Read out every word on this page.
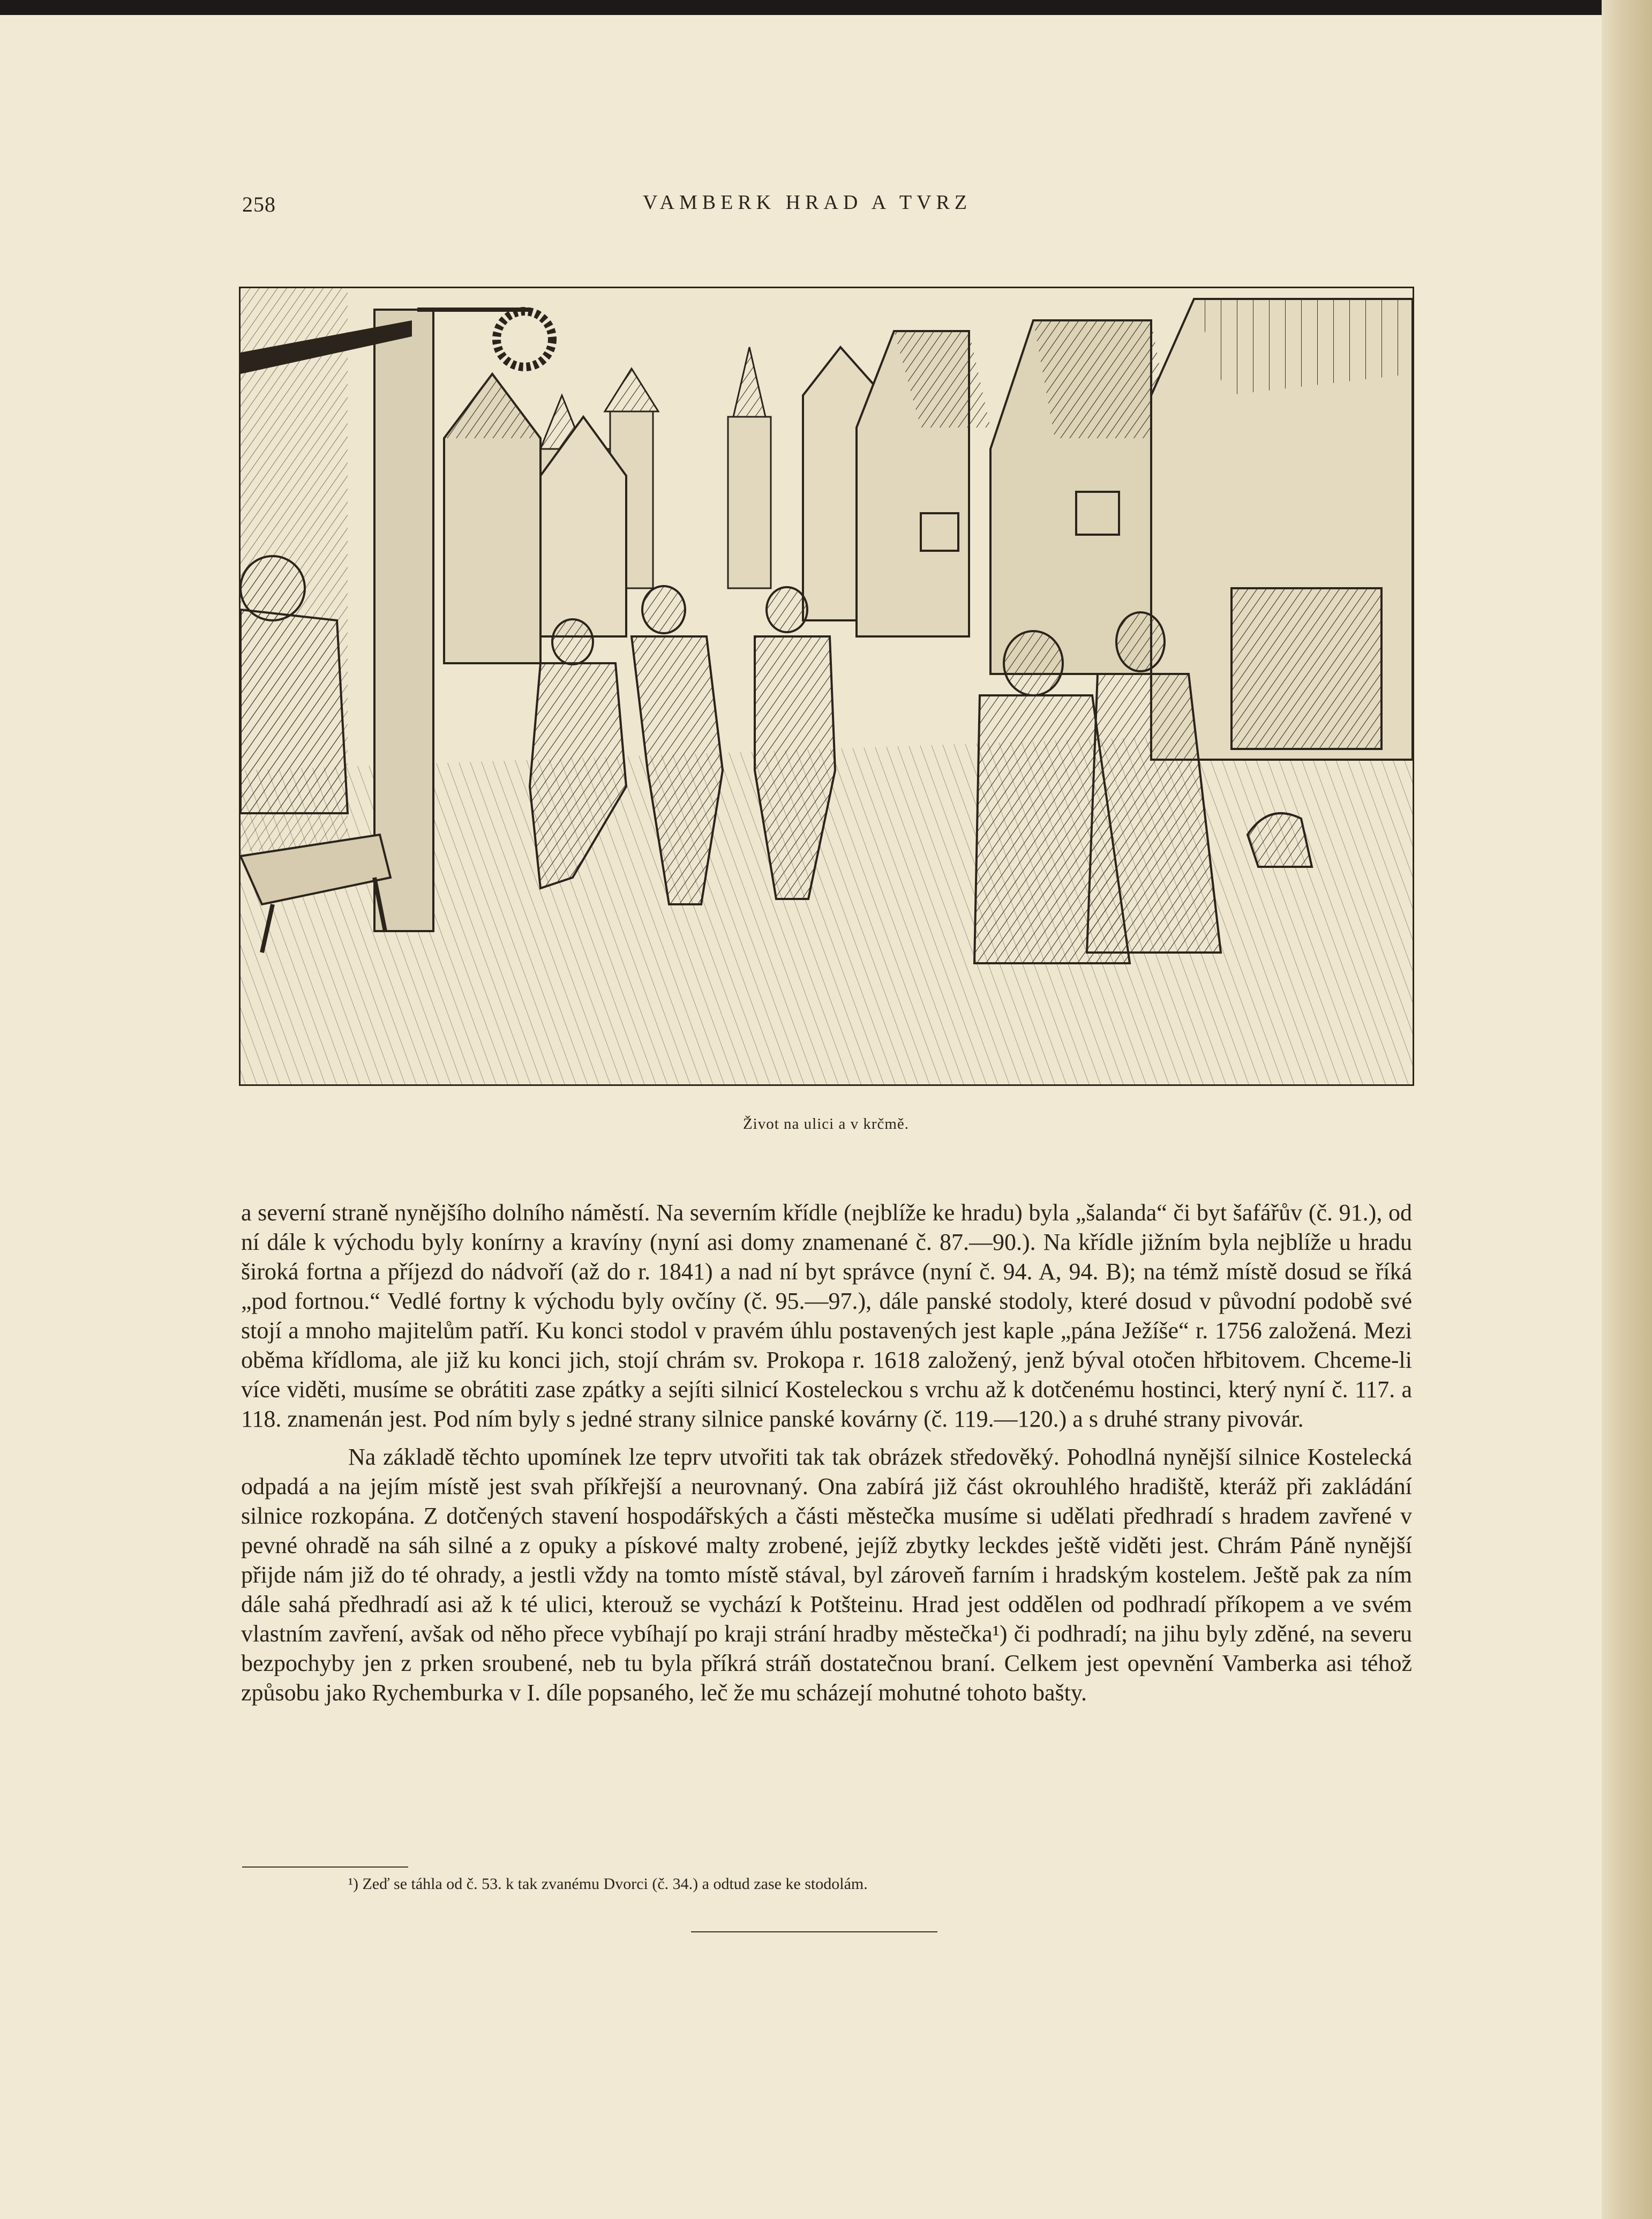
258	VAMBERK HRAD A TVRZ
Život na ulici a v krčmě.

a severní straně nynějšího dolního náměstí. Na severním křídle (nejblíže ke hradu) byla „šalanda“ či byt šafářův (č. 91.), od ní dále k východu byly konírny a kravíny (nyní asi domy znamenané č. 87.—90.). Na křídle jižním byla nejblíže u hradu široká fortna a příjezd do nádvoří (až do r. 1841) a nad ní byt správce (nyní č. 94. A, 94. B); na témž místě dosud se říká „pod fortnou.“ Vedlé fortny k východu byly ovčíny (č. 95.—97.), dále panské stodoly, které dosud v původní podobě své stojí a mnoho majitelům patří. Ku konci stodol v pravém úhlu postavených jest kaple „pána Ježíše“ r. 1756 založená. Mezi oběma křídloma, ale již ku konci jich, stojí chrám sv. Prokopa r. 1618 založený, jenž býval otočen hřbitovem. Chceme-li více viděti, musíme se obrátiti zase zpátky a sejíti silnicí Kosteleckou s vrchu až k dotčenému hostinci, který nyní č. 117. a 118. znamenán jest. Pod ním byly s jedné strany silnice panské kovárny (č. 119.—120.) a s druhé strany pivovár.

Na základě těchto upomínek lze teprv utvořiti tak tak obrázek středověký. Pohodlná nynější silnice Kostelecká odpadá a na jejím místě jest svah příkřejší a neurovnaný. Ona zabírá již část okrouhlého hradiště, kteráž při zakládání silnice rozkopána. Z dotčených stavení hospodářských a části městečka musíme si udělati předhradí s hradem zavřené v pevné ohradě na sáh silné a z opuky a pískové malty zrobené, jejíž zbytky leckdes ještě viděti jest. Chrám Páně nynější přijde nám již do té ohrady, a jestli vždy na tomto místě stával, byl zároveň farním i hradským kostelem. Ještě pak za ním dále sahá předhradí asi až k té ulici, kterouž se vychází k Potšteinu. Hrad jest oddělen od podhradí příkopem a ve svém vlastním zavření, avšak od něho přece vybíhají po kraji strání hradby městečka¹) či podhradí; na jihu byly zděné, na severu bezpochyby jen z prken sroubené, neb tu byla příkrá stráň dostatečnou braní. Celkem jest opevnění Vamberka asi téhož způsobu jako Rychemburka v I. díle popsaného, leč že mu scházejí mohutné tohoto bašty.

¹) Zeď se táhla od č. 53. k tak zvanému Dvorci (č. 34.) a odtud zase ke stodolám.
